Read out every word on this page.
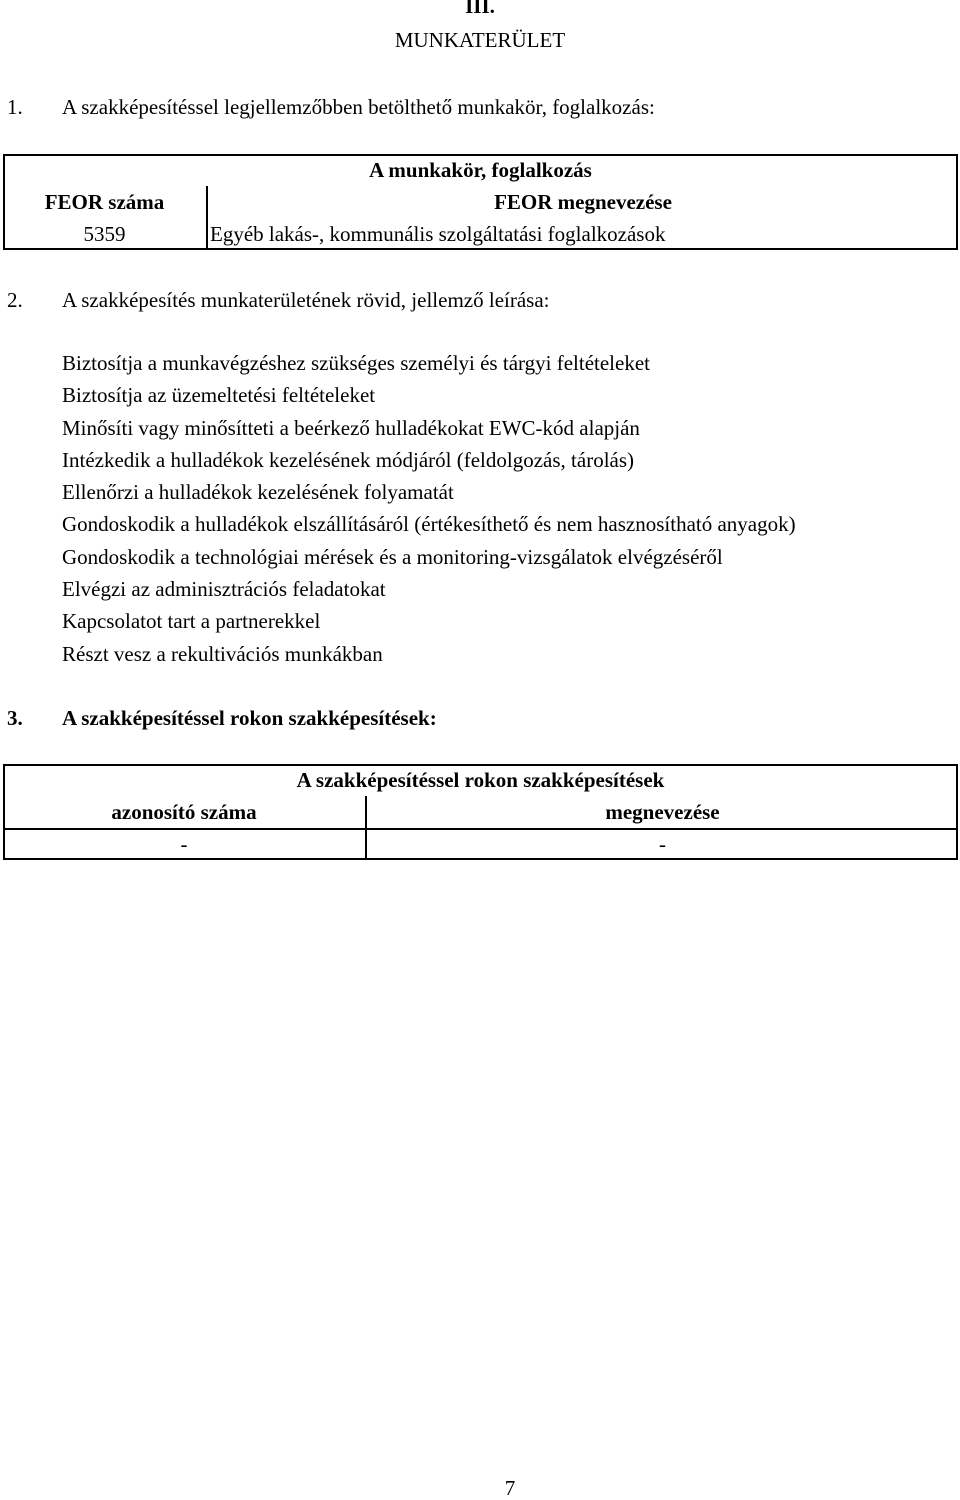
III.
MUNKATERÜLET
1. A szakképesítéssel legjellemzőbben betölthető munkakör, foglalkozás:
A munkakör, foglalkozás
FEOR száma	FEOR megnevezése
5359	Egyéb lakás-, kommunális szolgáltatási foglalkozások
2. A szakképesítés munkaterületének rövid, jellemző leírása:
Biztosítja a munkavégzéshez szükséges személyi és tárgyi feltételeket
Biztosítja az üzemeltetési feltételeket
Minősíti vagy minősítteti a beérkező hulladékokat EWC-kód alapján
Intézkedik a hulladékok kezelésének módjáról (feldolgozás, tárolás)
Ellenőrzi a hulladékok kezelésének folyamatát
Gondoskodik a hulladékok elszállításáról (értékesíthető és nem hasznosítható anyagok)
Gondoskodik a technológiai mérések és a monitoring-vizsgálatok elvégzéséről
Elvégzi az adminisztrációs feladatokat
Kapcsolatot tart a partnerekkel
Részt vesz a rekultivációs munkákban
3. A szakképesítéssel rokon szakképesítések:
A szakképesítéssel rokon szakképesítések
azonosító száma	megnevezése
-	-
7
